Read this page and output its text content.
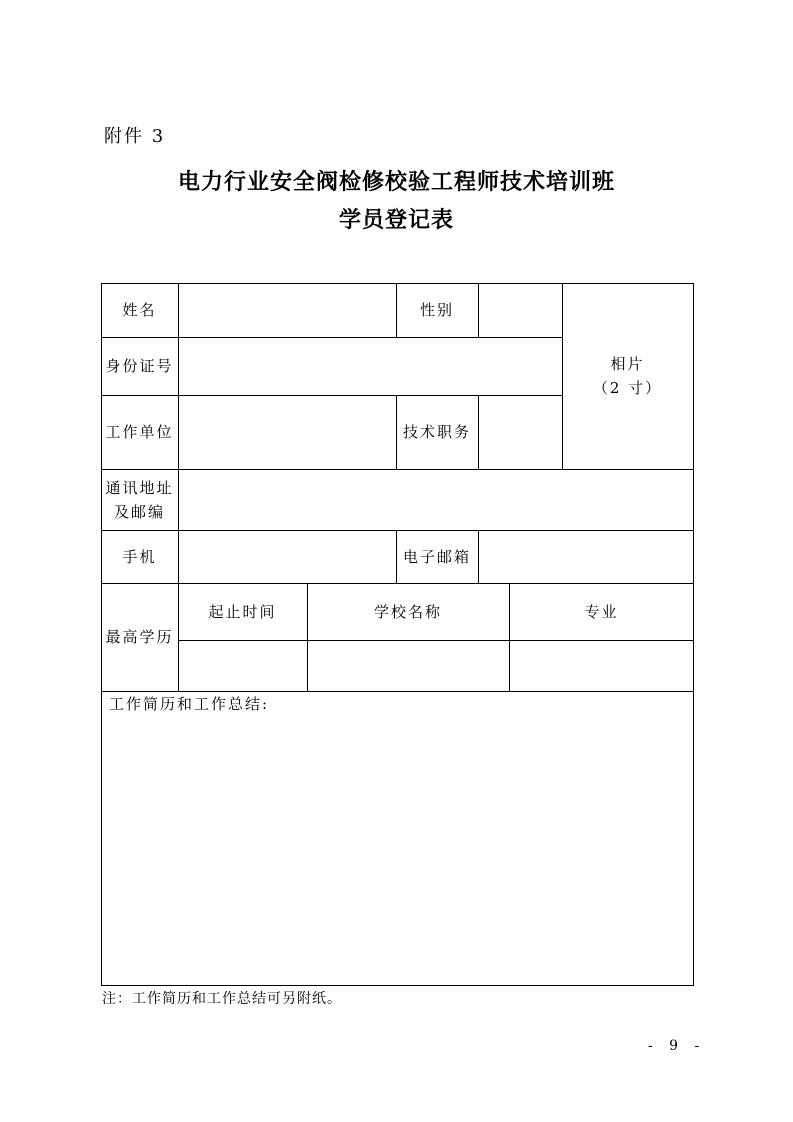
附件 3
电力行业安全阀检修校验工程师技术培训班
学员登记表
姓名	性别
相片
（2 寸）
身份证号
工作单位	技术职务
通讯地址
及邮编
手机	电子邮箱
最高学历
起止时间	学校名称	专业
工作简历和工作总结:
注：工作简历和工作总结可另附纸。
- 9 -
